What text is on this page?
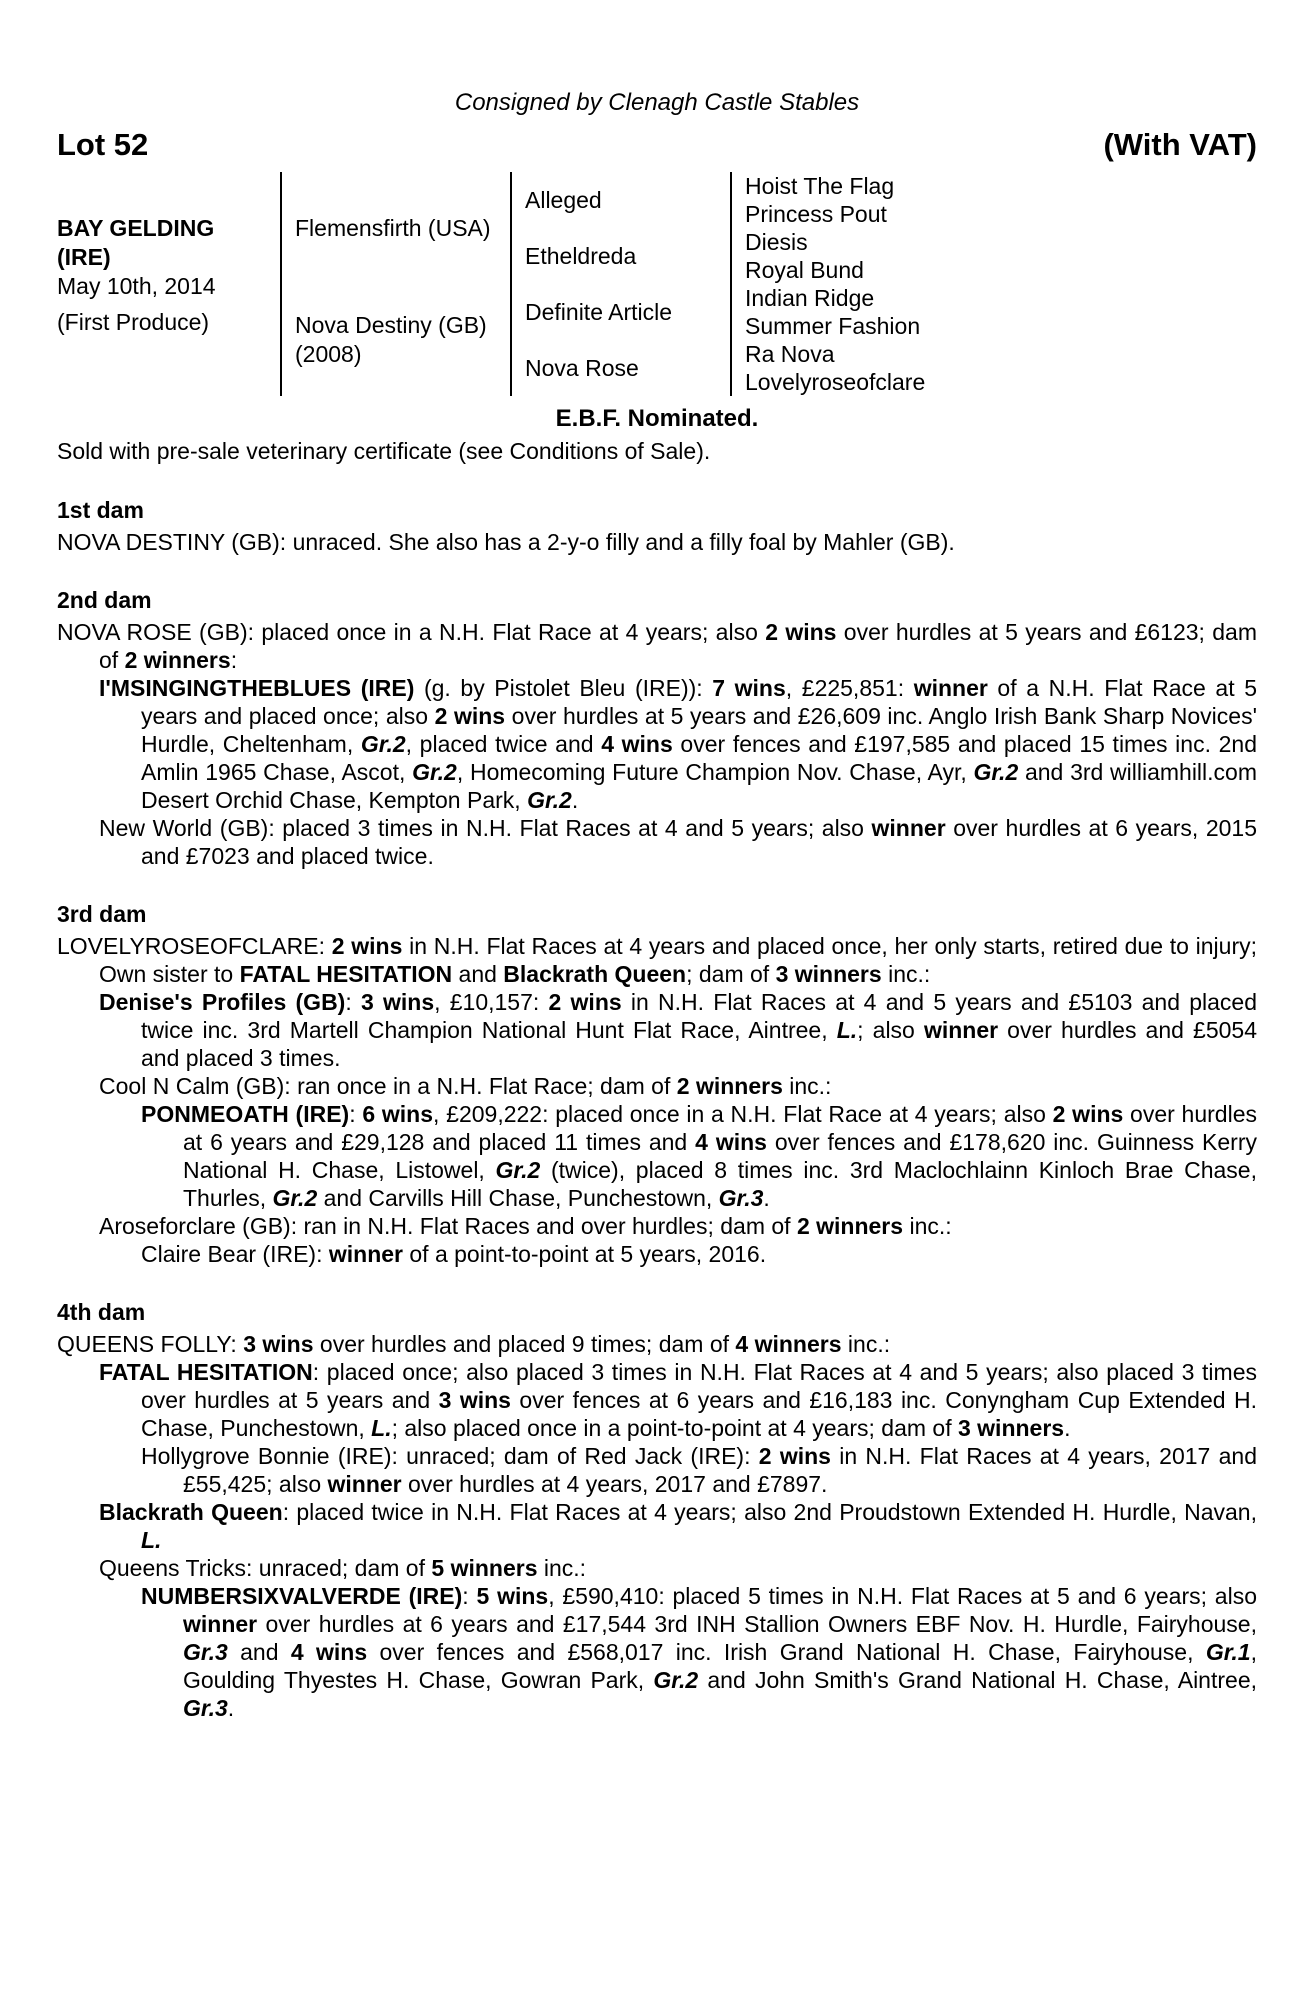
Consigned by Clenagh Castle Stables
Lot 52	(With VAT)
BAY GELDING (IRE)
May 10th, 2014
(First Produce)
Flemensfirth (USA)
Nova Destiny (GB) (2008)
Alleged
Etheldreda
Definite Article
Nova Rose
Hoist The Flag
Princess Pout
Diesis
Royal Bund
Indian Ridge
Summer Fashion
Ra Nova
Lovelyroseofclare
E.B.F. Nominated.
Sold with pre-sale veterinary certificate (see Conditions of Sale).
1st dam

NOVA DESTINY (GB): unraced. She also has a 2-y-o filly and a filly foal by Mahler (GB).

2nd dam

NOVA ROSE (GB): placed once in a N.H. Flat Race at 4 years; also 2 wins over hurdles at 5 years and £6123; dam of 2 winners:

I'MSINGINGTHEBLUES (IRE) (g. by Pistolet Bleu (IRE)): 7 wins, £225,851: winner of a N.H. Flat Race at 5 years and placed once; also 2 wins over hurdles at 5 years and £26,609 inc. Anglo Irish Bank Sharp Novices' Hurdle, Cheltenham, Gr.2, placed twice and 4 wins over fences and £197,585 and placed 15 times inc. 2nd Amlin 1965 Chase, Ascot, Gr.2, Homecoming Future Champion Nov. Chase, Ayr, Gr.2 and 3rd williamhill.com Desert Orchid Chase, Kempton Park, Gr.2.

New World (GB): placed 3 times in N.H. Flat Races at 4 and 5 years; also winner over hurdles at 6 years, 2015 and £7023 and placed twice.

3rd dam

LOVELYROSEOFCLARE: 2 wins in N.H. Flat Races at 4 years and placed once, her only starts, retired due to injury; Own sister to FATAL HESITATION and Blackrath Queen; dam of 3 winners inc.:

Denise's Profiles (GB): 3 wins, £10,157: 2 wins in N.H. Flat Races at 4 and 5 years and £5103 and placed twice inc. 3rd Martell Champion National Hunt Flat Race, Aintree, L.; also winner over hurdles and £5054 and placed 3 times.

Cool N Calm (GB): ran once in a N.H. Flat Race; dam of 2 winners inc.:

PONMEOATH (IRE): 6 wins, £209,222: placed once in a N.H. Flat Race at 4 years; also 2 wins over hurdles at 6 years and £29,128 and placed 11 times and 4 wins over fences and £178,620 inc. Guinness Kerry National H. Chase, Listowel, Gr.2 (twice), placed 8 times inc. 3rd Maclochlainn Kinloch Brae Chase, Thurles, Gr.2 and Carvills Hill Chase, Punchestown, Gr.3.

Aroseforclare (GB): ran in N.H. Flat Races and over hurdles; dam of 2 winners inc.:

Claire Bear (IRE): winner of a point-to-point at 5 years, 2016.

4th dam

QUEENS FOLLY: 3 wins over hurdles and placed 9 times; dam of 4 winners inc.:

FATAL HESITATION: placed once; also placed 3 times in N.H. Flat Races at 4 and 5 years; also placed 3 times over hurdles at 5 years and 3 wins over fences at 6 years and £16,183 inc. Conyngham Cup Extended H. Chase, Punchestown, L.; also placed once in a point-to-point at 4 years; dam of 3 winners.

Hollygrove Bonnie (IRE): unraced; dam of Red Jack (IRE): 2 wins in N.H. Flat Races at 4 years, 2017 and £55,425; also winner over hurdles at 4 years, 2017 and £7897.

Blackrath Queen: placed twice in N.H. Flat Races at 4 years; also 2nd Proudstown Extended H. Hurdle, Navan, L.

Queens Tricks: unraced; dam of 5 winners inc.:

NUMBERSIXVALVERDE (IRE): 5 wins, £590,410: placed 5 times in N.H. Flat Races at 5 and 6 years; also winner over hurdles at 6 years and £17,544 3rd INH Stallion Owners EBF Nov. H. Hurdle, Fairyhouse, Gr.3 and 4 wins over fences and £568,017 inc. Irish Grand National H. Chase, Fairyhouse, Gr.1, Goulding Thyestes H. Chase, Gowran Park, Gr.2 and John Smith's Grand National H. Chase, Aintree, Gr.3.
